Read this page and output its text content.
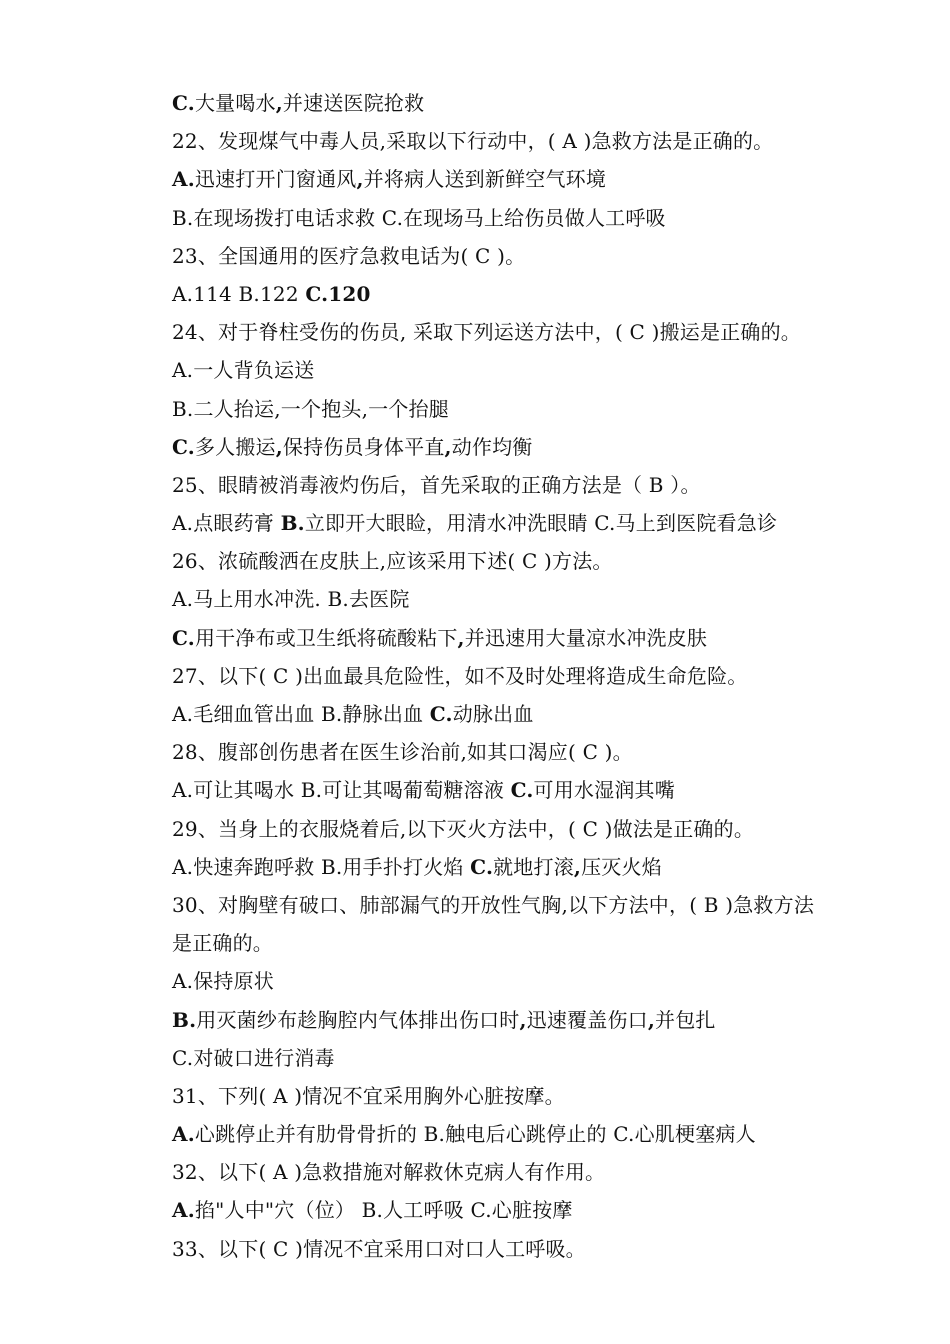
C.大量喝水,并速送医院抢救
22、发现煤气中毒人员,采取以下行动中，( A )急救方法是正确的。
A.迅速打开门窗通风,并将病人送到新鲜空气环境
B.在现场拨打电话求救 C.在现场马上给伤员做人工呼吸
23、全国通用的医疗急救电话为( C )。
A.114 B.122 C.120
24、对于脊柱受伤的伤员, 采取下列运送方法中，( C )搬运是正确的。
A.一人背负运送
B.二人抬运,一个抱头,一个抬腿
C.多人搬运,保持伤员身体平直,动作均衡
25、眼睛被消毒液灼伤后，首先采取的正确方法是（ B ）。
A.点眼药膏 B.立即开大眼睑，用清水冲洗眼睛 C.马上到医院看急诊
26、浓硫酸洒在皮肤上,应该采用下述( C )方法。
A.马上用水冲洗. B.去医院
C.用干净布或卫生纸将硫酸粘下,并迅速用大量凉水冲洗皮肤
27、以下( C )出血最具危险性，如不及时处理将造成生命危险。
A.毛细血管出血 B.静脉出血 C.动脉出血
28、腹部创伤患者在医生诊治前,如其口渴应( C )。
A.可让其喝水 B.可让其喝葡萄糖溶液 C.可用水湿润其嘴
29、当身上的衣服烧着后,以下灭火方法中，( C )做法是正确的。
A.快速奔跑呼救 B.用手扑打火焰 C.就地打滚,压灭火焰
30、对胸壁有破口、肺部漏气的开放性气胸,以下方法中，( B )急救方法
是正确的。
A.保持原状
B.用灭菌纱布趁胸腔内气体排出伤口时,迅速覆盖伤口,并包扎
C.对破口进行消毒
31、下列( A )情况不宜采用胸外心脏按摩。
A.心跳停止并有肋骨骨折的 B.触电后心跳停止的 C.心肌梗塞病人
32、以下( A )急救措施对解救休克病人有作用。
A.掐"人中"穴（位） B.人工呼吸 C.心脏按摩
33、以下( C )情况不宜采用口对口人工呼吸。
